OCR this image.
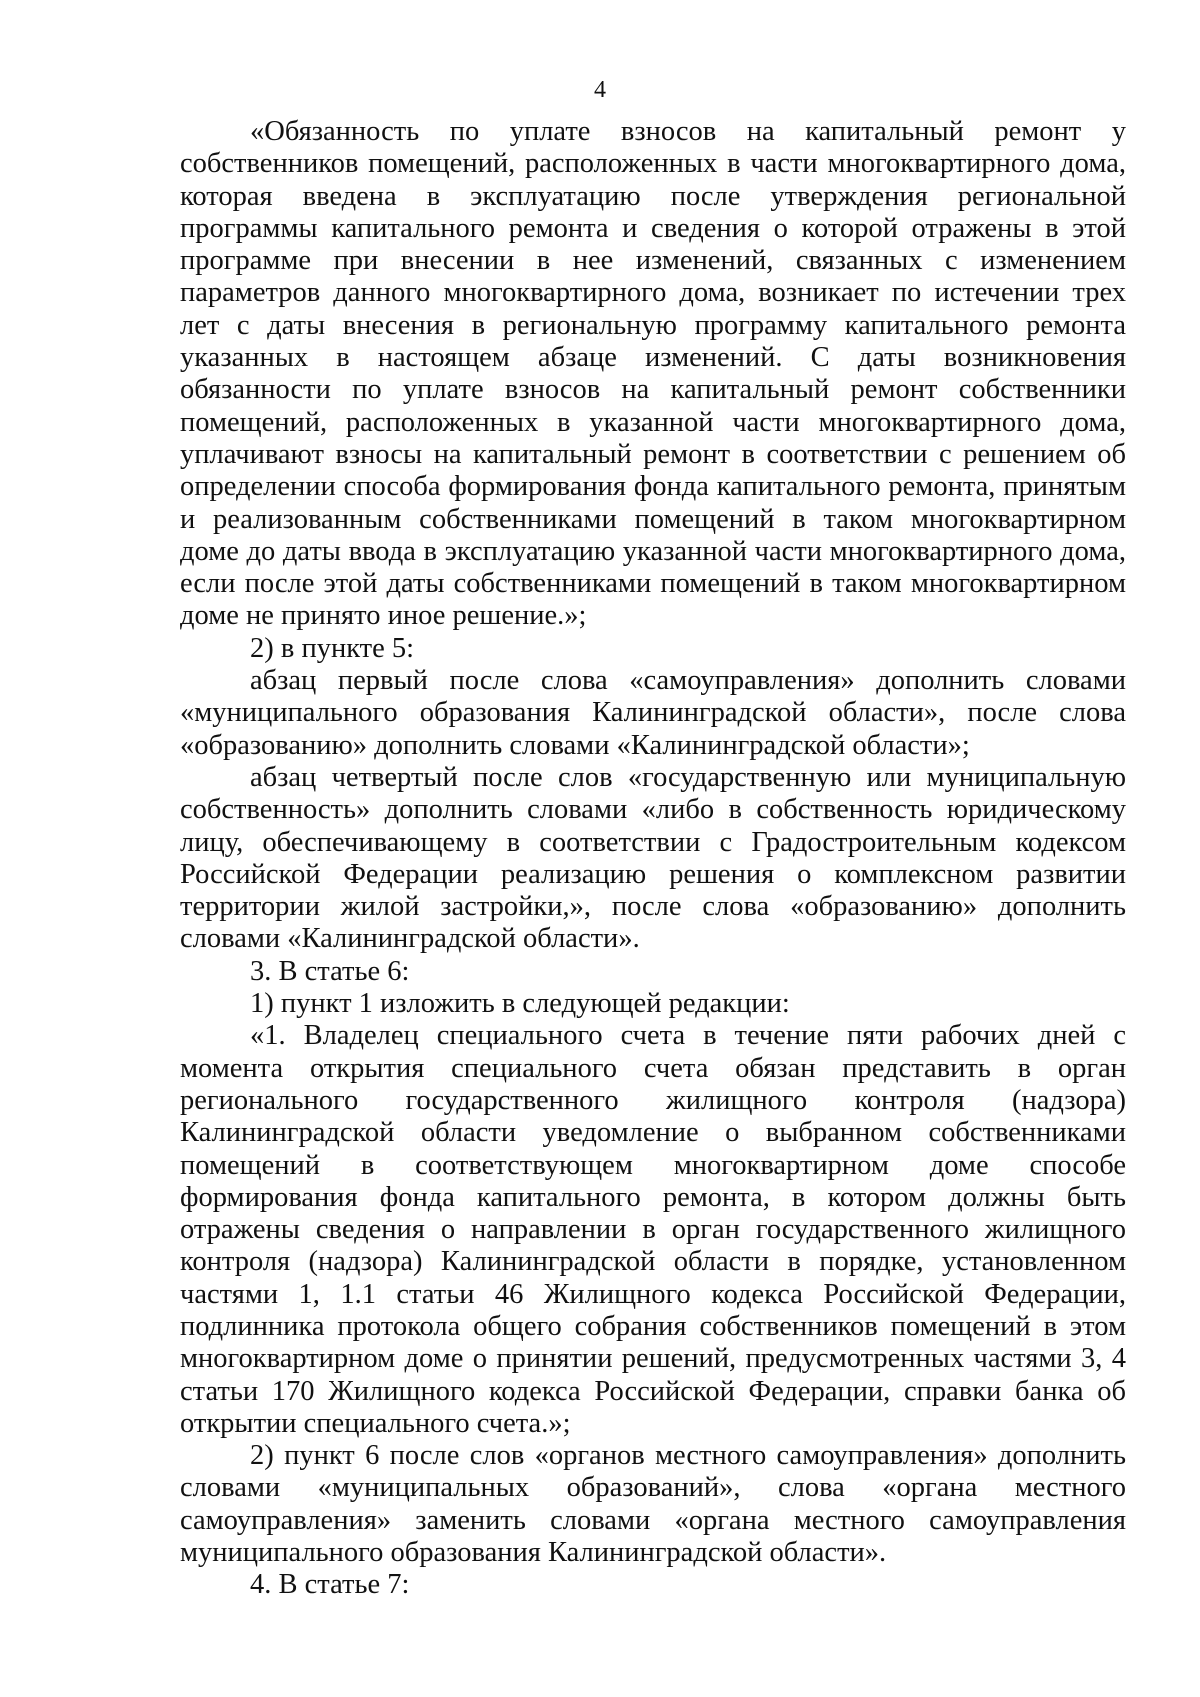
4

«Обязанность по уплате взносов на капитальный ремонт у собственников помещений, расположенных в части многоквартирного дома, которая введена в эксплуатацию после утверждения региональной программы капитального ремонта и сведения о которой отражены в этой программе при внесении в нее изменений, связанных с изменением параметров данного многоквартирного дома, возникает по истечении трех лет с даты внесения в региональную программу капитального ремонта указанных в настоящем абзаце изменений. С даты возникновения обязанности по уплате взносов на капитальный ремонт собственники помещений, расположенных в указанной части многоквартирного дома, уплачивают взносы на капитальный ремонт в соответствии с решением об определении способа формирования фонда капитального ремонта, принятым и реализованным собственниками помещений в таком многоквартирном доме до даты ввода в эксплуатацию указанной части многоквартирного дома, если после этой даты собственниками помещений в таком многоквартирном доме не принято иное решение.»;

2) в пункте 5:

абзац первый после слова «самоуправления» дополнить словами «муниципального образования Калининградской области», после слова «образованию» дополнить словами «Калининградской области»;

абзац четвертый после слов «государственную или муниципальную собственность» дополнить словами «либо в собственность юридическому лицу, обеспечивающему в соответствии с Градостроительным кодексом Российской Федерации реализацию решения о комплексном развитии территории жилой застройки,», после слова «образованию» дополнить словами «Калининградской области».

3. В статье 6:

1) пункт 1 изложить в следующей редакции:

«1. Владелец специального счета в течение пяти рабочих дней с момента открытия специального счета обязан представить в орган регионального государственного жилищного контроля (надзора) Калининградской области уведомление о выбранном собственниками помещений в соответствующем многоквартирном доме способе формирования фонда капитального ремонта, в котором должны быть отражены сведения о направлении в орган государственного жилищного контроля (надзора) Калининградской области в порядке, установленном частями 1, 1.1 статьи 46 Жилищного кодекса Российской Федерации, подлинника протокола общего собрания собственников помещений в этом многоквартирном доме о принятии решений, предусмотренных частями 3, 4 статьи 170 Жилищного кодекса Российской Федерации, справки банка об открытии специального счета.»;

2) пункт 6 после слов «органов местного самоуправления» дополнить словами «муниципальных образований», слова «органа местного самоуправления» заменить словами «органа местного самоуправления муниципального образования Калининградской области».

4. В статье 7:
